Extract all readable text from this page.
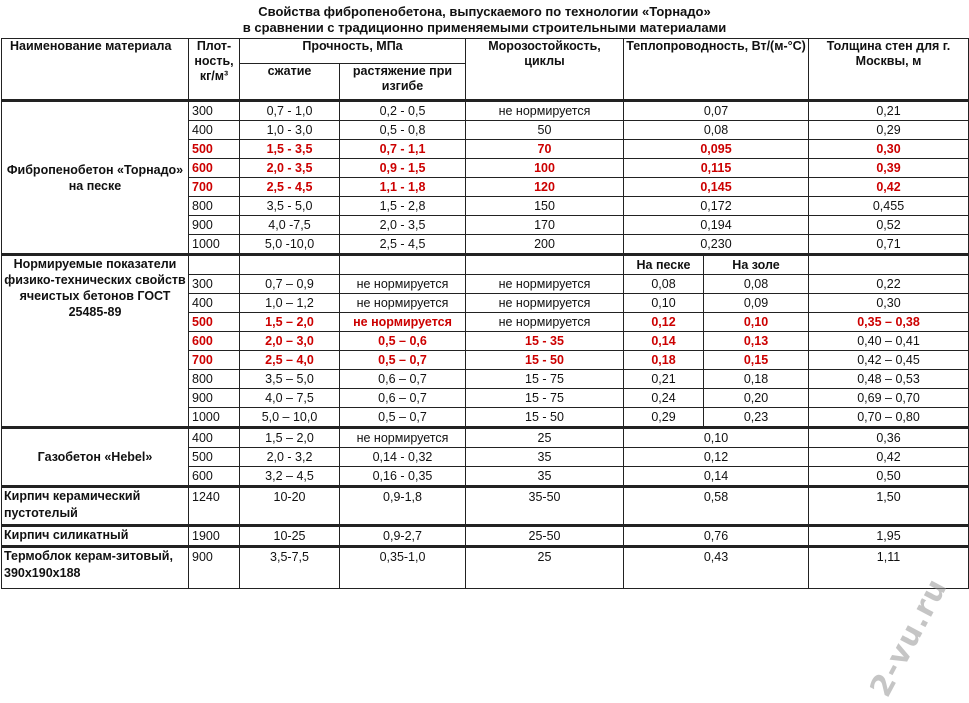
Свойства фибропенобетона, выпускаемого по технологии «Торнадо»
в сравнении с традиционно применяемыми строительными материалами
Наименование материала	Плот-ность, кг/м³	Прочность, МПа		Морозостойкость, циклы	Теплопроводность, Вт/(м-°С)		Толщина стен для г. Москвы, м
		сжатие	растяжение при изгибе				
Фибропенобетон «Торнадо» на песке	300	0,7 - 1,0	0,2 - 0,5	не нормируется	0,07		0,21
	400	1,0 - 3,0	0,5 - 0,8	50	0,08		0,29
	500	1,5 - 3,5	0,7 - 1,1	70	0,095		0,30
	600	2,0 - 3,5	0,9 - 1,5	100	0,115		0,39
	700	2,5 - 4,5	1,1 - 1,8	120	0,145		0,42
	800	3,5 - 5,0	1,5 - 2,8	150	0,172		0,455
	900	4,0 -7,5	2,0 - 3,5	170	0,194		0,52
	1000	5,0 -10,0	2,5 - 4,5	200	0,230		0,71
Нормируемые показатели физико-технических свойств ячеистых бетонов ГОСТ 25485-89					На песке	На золе	
	300	0,7 – 0,9	не нормируется	не нормируется	0,08	0,08	0,22
	400	1,0 – 1,2	не нормируется	не нормируется	0,10	0,09	0,30
	500	1,5 – 2,0	не нормируется	не нормируется	0,12	0,10	0,35 – 0,38
	600	2,0 – 3,0	0,5 – 0,6	15 - 35	0,14	0,13	0,40 – 0,41
	700	2,5 – 4,0	0,5 – 0,7	15 - 50	0,18	0,15	0,42 – 0,45
	800	3,5 – 5,0	0,6 – 0,7	15 - 75	0,21	0,18	0,48 – 0,53
	900	4,0 – 7,5	0,6 – 0,7	15 - 75	0,24	0,20	0,69 – 0,70
	1000	5,0 – 10,0	0,5 – 0,7	15 - 50	0,29	0,23	0,70 – 0,80
Газобетон «Hebel»	400	1,5 – 2,0	не нормируется	25	0,10		0,36
	500	2,0 - 3,2	0,14 - 0,32	35	0,12		0,42
	600	3,2 – 4,5	0,16 - 0,35	35	0,14		0,50
Кирпич керамический пустотелый	1240	10-20	0,9-1,8	35-50	0,58		1,50
Кирпич силикатный	1900	10-25	0,9-2,7	25-50	0,76		1,95
Термоблок керам-зитовый, 390х190х188	900	3,5-7,5	0,35-1,0	25	0,43		1,11
2-vu.ru
